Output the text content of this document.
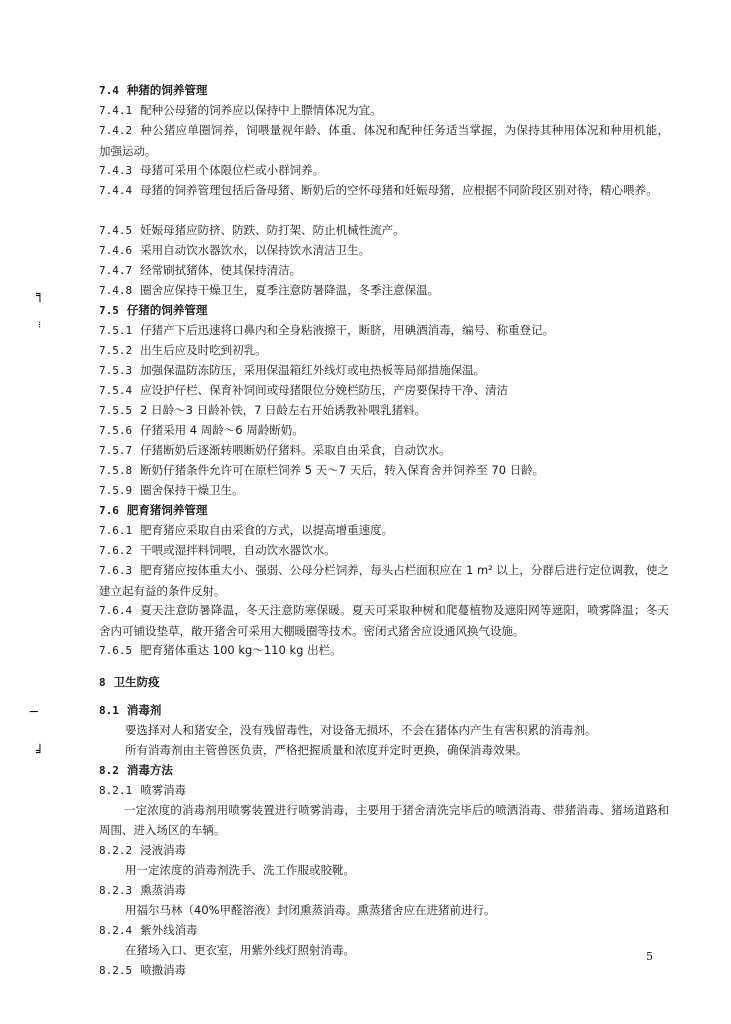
7.4 种猪的饲养管理
7.4.1 配种公母猪的饲养应以保持中上膘情体况为宜。
7.4.2 种公猪应单圈饲养，饲喂量视年龄、体重、体况和配种任务适当掌握，为保持其种用体况和种用机能，加强运动。
7.4.3 母猪可采用个体限位栏或小群饲养。
7.4.4 母猪的饲养管理包括后备母猪、断奶后的空怀母猪和妊娠母猪，应根据不同阶段区别对待，精心喂养。
7.4.5 妊娠母猪应防挤、防跌、防打架、防止机械性流产。
7.4.6 采用自动饮水器饮水，以保持饮水清洁卫生。
7.4.7 经常刷拭猪体，使其保持清洁。
7.4.8 圈舍应保持干燥卫生，夏季注意防暑降温，冬季注意保温。
7.5 仔猪的饲养管理
7.5.1 仔猪产下后迅速将口鼻内和全身粘液擦干，断脐，用碘酒消毒，编号、称重登记。
7.5.2 出生后应及时吃到初乳。
7.5.3 加强保温防冻防压，采用保温箱红外线灯或电热板等局部措施保温。
7.5.4 应设护仔栏、保育补饲间或母猪限位分娩栏防压，产房要保持干净、清洁
7.5.5 2 日龄～3 日龄补铁，7 日龄左右开始诱教补喂乳猪料。
7.5.6 仔猪采用 4 周龄～6 周龄断奶。
7.5.7 仔猪断奶后逐渐转喂断奶仔猪料。采取自由采食，自动饮水。
7.5.8 断奶仔猪条件允许可在原栏饲养 5 天～7 天后，转入保育舍并饲养至 70 日龄。
7.5.9 圈舍保持干燥卫生。
7.6 肥育猪饲养管理
7.6.1 肥育猪应采取自由采食的方式，以提高增重速度。
7.6.2 干喂或湿拌料饲喂，自动饮水器饮水。
7.6.3 肥育猪应按体重大小、强弱、公母分栏饲养，每头占栏面积应在 1 m² 以上，分群后进行定位调教，使之建立起有益的条件反射。
7.6.4 夏天注意防暑降温，冬天注意防寒保暖。夏天可采取种树和爬蔓植物及遮阳网等遮阳，喷雾降温；冬天舍内可铺设垫草，敞开猪舍可采用大棚暖圈等技术。密闭式猪舍应设通风换气设施。
7.6.5 肥育猪体重达 100 kg～110 kg 出栏。
8 卫生防疫
8.1 消毒剂
要选择对人和猪安全，没有残留毒性，对设备无损坏，不会在猪体内产生有害积累的消毒剂。
所有消毒剂由主管兽医负责，严格把握质量和浓度并定时更换，确保消毒效果。
8.2 消毒方法
8.2.1 喷雾消毒
一定浓度的消毒剂用喷雾装置进行喷雾消毒，主要用于猪舍清洗完毕后的喷洒消毒、带猪消毒、猪场道路和周围、进入场区的车辆。
8.2.2 浸液消毒
用一定浓度的消毒剂洗手、洗工作服或胶靴。
8.2.3 熏蒸消毒
用福尔马林（40%甲醛溶液）封闭熏蒸消毒。熏蒸猪舍应在进猪前进行。
8.2.4 紫外线消毒
在猪场入口、更衣室，用紫外线灯照射消毒。
8.2.5 喷撒消毒
5
╕
⁝
─
╛
